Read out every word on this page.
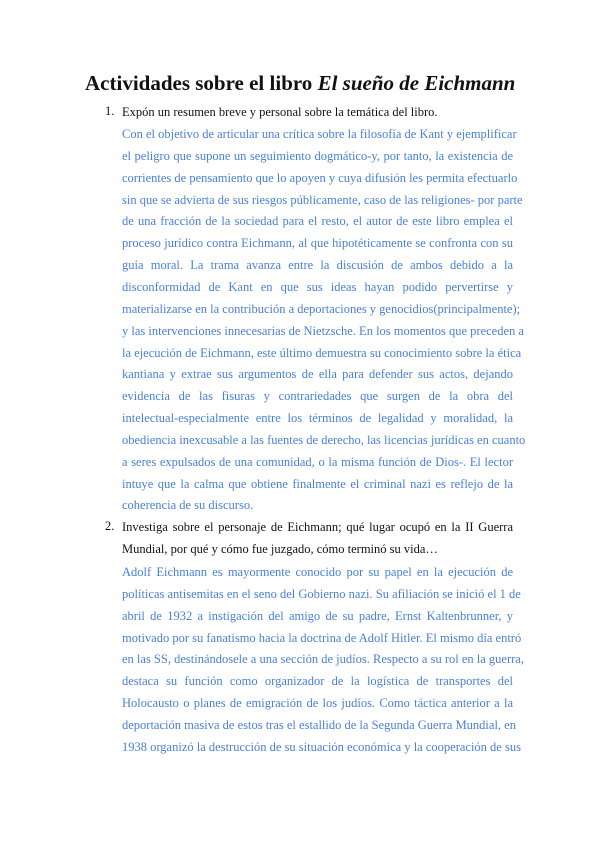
Actividades sobre el libro El sueño de Eichmann
1. Expón un resumen breve y personal sobre la temática del libro.
Con el objetivo de articular una crítica sobre la filosofía de Kant y ejemplificar
el peligro que supone un seguimiento dogmático-y, por tanto, la existencia de
corrientes de pensamiento que lo apoyen y cuya difusión les permita efectuarlo
sin que se advierta de sus riesgos públicamente, caso de las religiones- por parte
de una fracción de la sociedad para el resto, el autor de este libro emplea el
proceso jurídico contra Eichmann, al que hipotéticamente se confronta con su
guía moral. La trama avanza entre la discusión de ambos debido a la
disconformidad de Kant en que sus ideas hayan podido pervertirse y
materializarse en la contribución a deportaciones y genocidios(principalmente);
y las intervenciones innecesarias de Nietzsche. En los momentos que preceden a
la ejecución de Eichmann, este último demuestra su conocimiento sobre la ética
kantiana y extrae sus argumentos de ella para defender sus actos, dejando
evidencia de las fisuras y contrariedades que surgen de la obra del
intelectual-especialmente entre los términos de legalidad y moralidad, la
obediencia inexcusable a las fuentes de derecho, las licencias jurídicas en cuanto
a seres expulsados de una comunidad, o la misma función de Dios-. El lector
intuye que la calma que obtiene finalmente el criminal nazi es reflejo de la
coherencia de su discurso.
2. Investiga sobre el personaje de Eichmann; qué lugar ocupó en la II Guerra
Mundial, por qué y cómo fue juzgado, cómo terminó su vida…
Adolf Eichmann es mayormente conocido por su papel en la ejecución de
políticas antisemitas en el seno del Gobierno nazi. Su afiliación se inició el 1 de
abril de 1932 a instigación del amigo de su padre, Ernst Kaltenbrunner, y
motivado por su fanatismo hacia la doctrina de Adolf Hitler. El mismo día entró
en las SS, destinándosele a una sección de judíos. Respecto a su rol en la guerra,
destaca su función como organizador de la logística de transportes del
Holocausto o planes de emigración de los judíos. Como táctica anterior a la
deportación masiva de estos tras el estallido de la Segunda Guerra Mundial, en
1938 organizó la destrucción de su situación económica y la cooperación de sus
